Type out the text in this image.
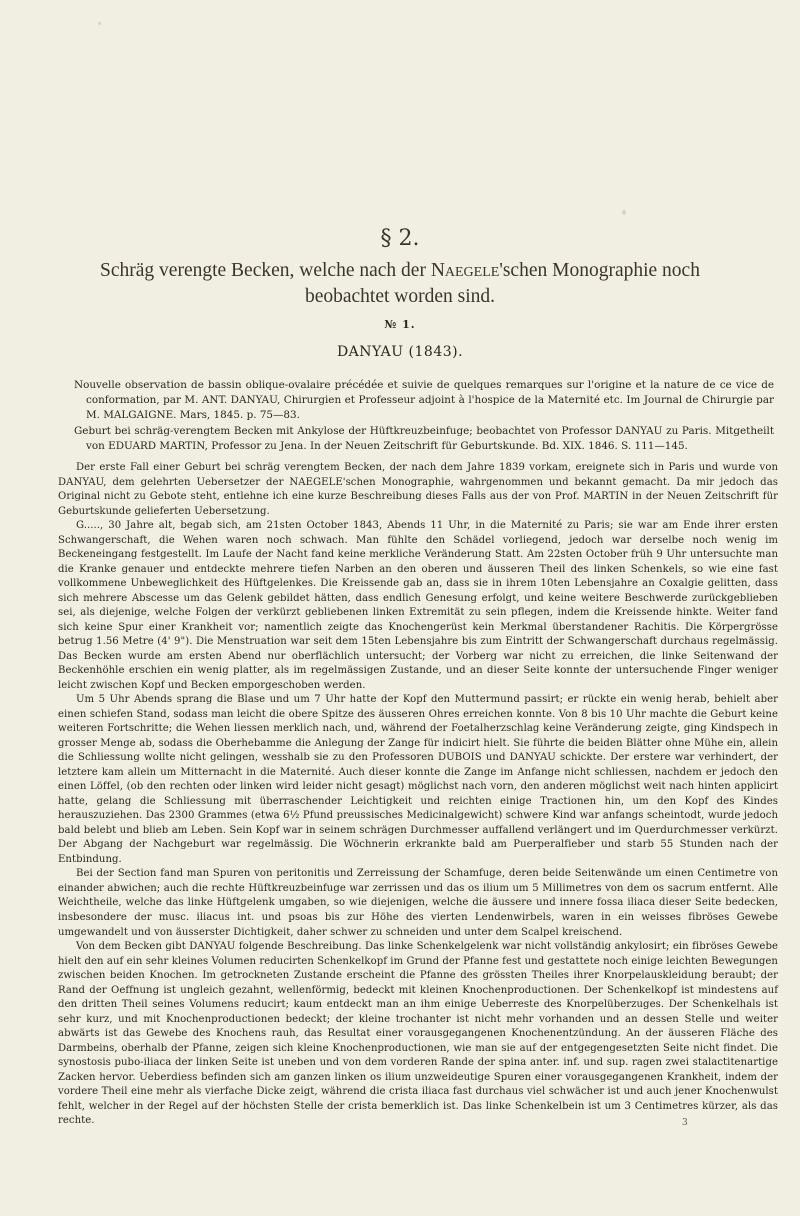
§ 2.
Schräg verengte Becken, welche nach der Naegele'schen Monographie noch
beobachtet worden sind.
№ 1.
DANYAU (1843).

Nouvelle observation de bassin oblique-ovalaire précédée et suivie de quelques remarques sur l'origine et la nature de ce vice de conformation, par M. ANT. DANYAU, Chirurgien et Professeur adjoint à l'hospice de la Maternité etc. Im Journal de Chirurgie par M. MALGAIGNE. Mars, 1845. p. 75—83.

Geburt bei schräg-verengtem Becken mit Ankylose der Hüftkreuzbeinfuge; beobachtet von Professor DANYAU zu Paris. Mitgetheilt von EDUARD MARTIN, Professor zu Jena. In der Neuen Zeitschrift für Geburtskunde. Bd. XIX. 1846. S. 111—145.

Der erste Fall einer Geburt bei schräg verengtem Becken, der nach dem Jahre 1839 vorkam, ereignete sich in Paris und wurde von DANYAU, dem gelehrten Uebersetzer der NAEGELE'schen Monographie, wahrgenommen und bekannt gemacht. Da mir jedoch das Original nicht zu Gebote steht, entlehne ich eine kurze Beschreibung dieses Falls aus der von Prof. MARTIN in der Neuen Zeitschrift für Geburtskunde gelieferten Uebersetzung.

G....., 30 Jahre alt, begab sich, am 21sten October 1843, Abends 11 Uhr, in die Maternité zu Paris; sie war am Ende ihrer ersten Schwangerschaft, die Wehen waren noch schwach. Man fühlte den Schädel vorliegend, jedoch war derselbe noch wenig im Beckeneingang festgestellt. Im Laufe der Nacht fand keine merkliche Veränderung Statt. Am 22sten October früh 9 Uhr untersuchte man die Kranke genauer und entdeckte mehrere tiefen Narben an den oberen und äusseren Theil des linken Schenkels, so wie eine fast vollkommene Unbeweglichkeit des Hüftgelenkes. Die Kreissende gab an, dass sie in ihrem 10ten Lebensjahre an Coxalgie gelitten, dass sich mehrere Abscesse um das Gelenk gebildet hätten, dass endlich Genesung erfolgt, und keine weitere Beschwerde zurückgeblieben sei, als diejenige, welche Folgen der verkürzt gebliebenen linken Extremität zu sein pflegen, indem die Kreissende hinkte. Weiter fand sich keine Spur einer Krankheit vor; namentlich zeigte das Knochengerüst kein Merkmal überstandener Rachitis. Die Körpergrösse betrug 1.56 Metre (4' 9"). Die Menstruation war seit dem 15ten Lebensjahre bis zum Eintritt der Schwangerschaft durchaus regelmässig. Das Becken wurde am ersten Abend nur oberflächlich untersucht; der Vorberg war nicht zu erreichen, die linke Seitenwand der Beckenhöhle erschien ein wenig platter, als im regelmässigen Zustande, und an dieser Seite konnte der untersuchende Finger weniger leicht zwischen Kopf und Becken emporgeschoben werden.

Um 5 Uhr Abends sprang die Blase und um 7 Uhr hatte der Kopf den Muttermund passirt; er rückte ein wenig herab, behielt aber einen schiefen Stand, sodass man leicht die obere Spitze des äusseren Ohres erreichen konnte. Von 8 bis 10 Uhr machte die Geburt keine weiteren Fortschritte; die Wehen liessen merklich nach, und, während der Foetalherzschlag keine Veränderung zeigte, ging Kindspech in grosser Menge ab, sodass die Oberhebamme die Anlegung der Zange für indicirt hielt. Sie führte die beiden Blätter ohne Mühe ein, allein die Schliessung wollte nicht gelingen, wesshalb sie zu den Professoren DUBOIS und DANYAU schickte. Der erstere war verhindert, der letztere kam allein um Mitternacht in die Maternité. Auch dieser konnte die Zange im Anfange nicht schliessen, nachdem er jedoch den einen Löffel, (ob den rechten oder linken wird leider nicht gesagt) möglichst nach vorn, den anderen möglichst weit nach hinten applicirt hatte, gelang die Schliessung mit überraschender Leichtigkeit und reichten einige Tractionen hin, um den Kopf des Kindes herauszuziehen. Das 2300 Grammes (etwa 6½ Pfund preussisches Medicinalgewicht) schwere Kind war anfangs scheintodt, wurde jedoch bald belebt und blieb am Leben. Sein Kopf war in seinem schrägen Durchmesser auffallend verlängert und im Querdurchmesser verkürzt. Der Abgang der Nachgeburt war regelmässig. Die Wöchnerin erkrankte bald am Puerperalfieber und starb 55 Stunden nach der Entbindung.

Bei der Section fand man Spuren von peritonitis und Zerreissung der Schamfuge, deren beide Seitenwände um einen Centimetre von einander abwichen; auch die rechte Hüftkreuzbeinfuge war zerrissen und das os ilium um 5 Millimetres von dem os sacrum entfernt. Alle Weichtheile, welche das linke Hüftgelenk umgaben, so wie diejenigen, welche die äussere und innere fossa iliaca dieser Seite bedecken, insbesondere der musc. iliacus int. und psoas bis zur Höhe des vierten Lendenwirbels, waren in ein weisses fibröses Gewebe umgewandelt und von äusserster Dichtigkeit, daher schwer zu schneiden und unter dem Scalpel kreischend.

Von dem Becken gibt DANYAU folgende Beschreibung. Das linke Schenkelgelenk war nicht vollständig ankylosirt; ein fibröses Gewebe hielt den auf ein sehr kleines Volumen reducirten Schenkelkopf im Grund der Pfanne fest und gestattete noch einige leichten Bewegungen zwischen beiden Knochen. Im getrockneten Zustande erscheint die Pfanne des grössten Theiles ihrer Knorpelauskleidung beraubt; der Rand der Oeffnung ist ungleich gezahnt, wellenförmig, bedeckt mit kleinen Knochenproductionen. Der Schenkelkopf ist mindestens auf den dritten Theil seines Volumens reducirt; kaum entdeckt man an ihm einige Ueberreste des Knorpelüberzuges. Der Schenkelhals ist sehr kurz, und mit Knochenproductionen bedeckt; der kleine trochanter ist nicht mehr vorhanden und an dessen Stelle und weiter abwärts ist das Gewebe des Knochens rauh, das Resultat einer vorausgegangenen Knochenentzündung. An der äusseren Fläche des Darmbeins, oberhalb der Pfanne, zeigen sich kleine Knochenproductionen, wie man sie auf der entgegengesetzten Seite nicht findet. Die synostosis pubo-iliaca der linken Seite ist uneben und von dem vorderen Rande der spina anter. inf. und sup. ragen zwei stalactitenartige Zacken hervor. Ueberdiess befinden sich am ganzen linken os ilium unzweideutige Spuren einer vorausgegangenen Krankheit, indem der vordere Theil eine mehr als vierfache Dicke zeigt, während die crista iliaca fast durchaus viel schwächer ist und auch jener Knochenwulst fehlt, welcher in der Regel auf der höchsten Stelle der crista bemerklich ist. Das linke Schenkelbein ist um 3 Centimetres kürzer, als das rechte.	3
